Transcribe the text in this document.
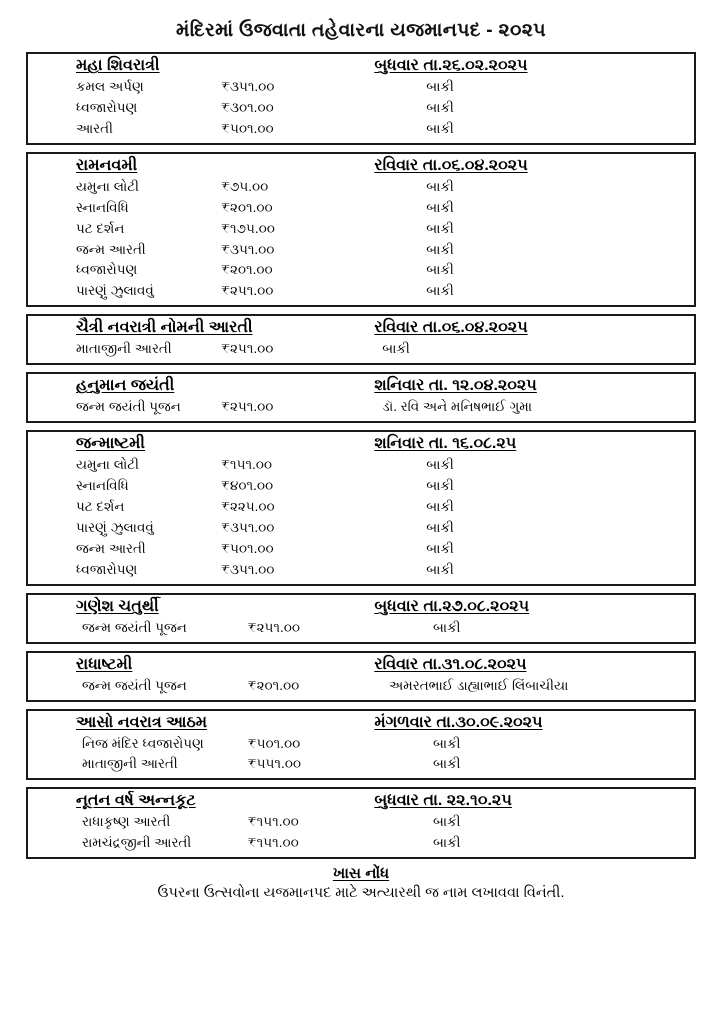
મંદિરમાં ઉજવાતા તહેવારના યજમાનપદ - ૨૦૨૫
મહા શિવરાત્રી	બુધવાર તા.૨૬.૦૨.૨૦૨૫
કમલ અર્પણ	₹૩૫૧.૦૦	બાકી
ધ્વજારોપણ	₹૩૦૧.૦૦	બાકી
આરતી	₹૫૦૧.૦૦	બાકી
રામનવમી	રવિવાર તા.૦૬.૦૪.૨૦૨૫
યમુના લોટી	₹૭૫.૦૦	બાકી
સ્નાનવિધિ	₹૨૦૧.૦૦	બાકી
પટ દર્શન	₹૧૭૫.૦૦	બાકી
જન્મ આરતી	₹૩૫૧.૦૦	બાકી
ધ્વજારોપણ	₹૨૦૧.૦૦	બાકી
પારણું ઝુલાવવું	₹૨૫૧.૦૦	બાકી
ચૈત્રી નવરાત્રી નોમની આરતી	રવિવાર તા.૦૬.૦૪.૨૦૨૫
માતાજીની આરતી	₹૨૫૧.૦૦	બાકી
હનુમાન જયંતી	શનિવાર તા. ૧૨.૦૪.૨૦૨૫
જન્મ જયંતી પૂજન	₹૨૫૧.૦૦	ડૉ. રવિ અને મનિષભાઈ ગુમા
જન્માષ્ટમી	શનિવાર તા. ૧૬.૦૮.૨૫
યમુના લોટી	₹૧૫૧.૦૦	બાકી
સ્નાનવિધિ	₹૪૦૧.૦૦	બાકી
પટ દર્શન	₹૨૨૫.૦૦	બાકી
પારણું ઝુલાવવું	₹૩૫૧.૦૦	બાકી
જન્મ આરતી	₹૫૦૧.૦૦	બાકી
ધ્વજારોપણ	₹૩૫૧.૦૦	બાકી
ગણેશ ચતુર્થી	બુધવાર તા.૨૭.૦૮.૨૦૨૫
જન્મ જયંતી પૂજન	₹૨૫૧.૦૦	બાકી
રાધાષ્ટમી	રવિવાર તા.૩૧.૦૮.૨૦૨૫
જન્મ જયંતી પૂજન	₹૨૦૧.૦૦	અમરતભાઈ ડાહ્યાભાઈ લિંબાચીયા
આસો નવરાત્ર આઠમ	મંગળવાર તા.૩૦.૦૯.૨૦૨૫
નિજ મંદિર ધ્વજારોપણ	₹૫૦૧.૦૦	બાકી
માતાજીની આરતી	₹૫૫૧.૦૦	બાકી
નૂતન વર્ષ અન્નકૂટ	બુધવાર તા. ૨૨.૧૦.૨૫
રાધાકૃષ્ણ આરતી	₹૧૫૧.૦૦	બાકી
રામચંદ્રજીની આરતી	₹૧૫૧.૦૦	બાકી
ખાસ નોંધ
ઉપરના ઉત્સવોના યજમાનપદ માટે અત્યારથી જ નામ લખાવવા વિનંતી.
